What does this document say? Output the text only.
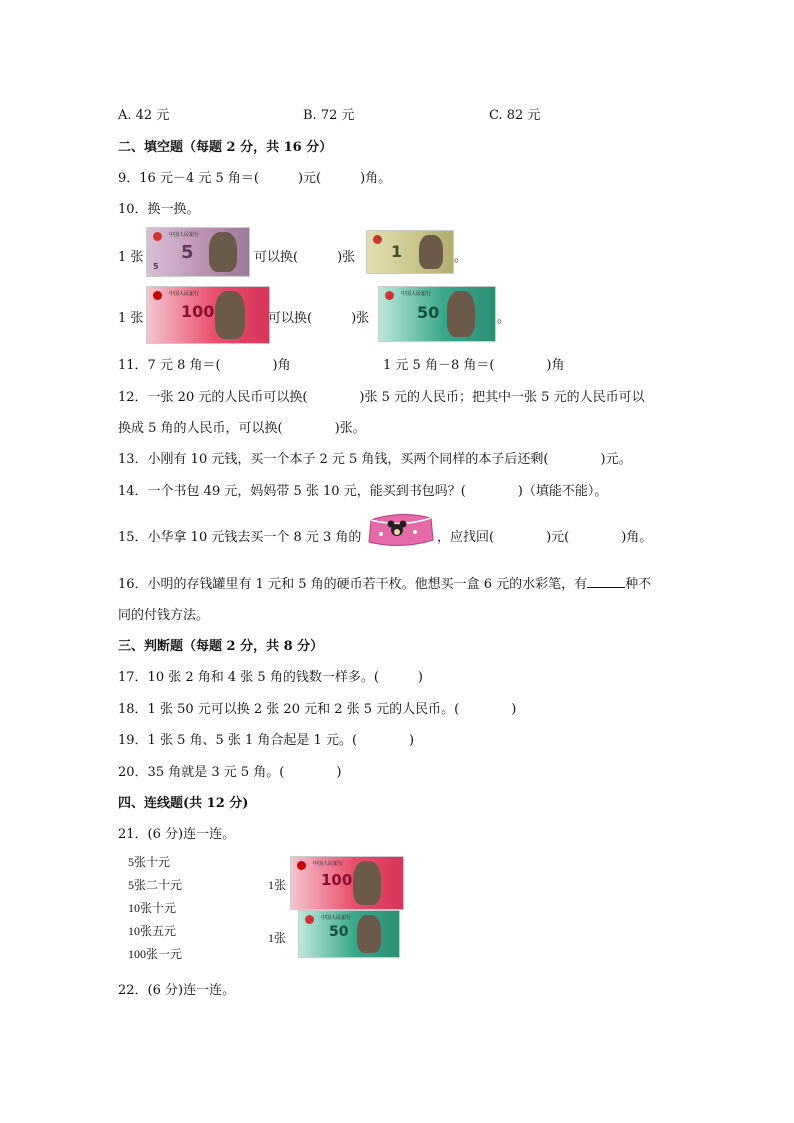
A. 42 元	B. 72 元	C. 82 元
二、填空题（每题 2 分，共 16 分）
9．16 元－4 元 5 角＝(　　　)元(　　　)角。
10．换一换。
1 张
中国人民银行
5
5
可以换(　　　)张 1	。
1 张
中国人民银行
100	可以换(　　　)张
中国人民银行
50	。
11．7 元 8 角＝(　　　　)角	1 元 5 角－8 角＝(　　　　)角
12．一张 20 元的人民币可以换(　　　　)张 5 元的人民币；把其中一张 5 元的人民币可以
换成 5 角的人民币，可以换(　　　　)张。
13．小刚有 10 元钱，买一个本子 2 元 5 角钱，买两个同样的本子后还剩(　　　　)元。
14．一个书包 49 元，妈妈带 5 张 10 元，能买到书包吗？(　　　　)（填能不能）。
15．小华拿 10 元钱去买一个 8 元 3 角的	，应找回(　　　　)元(　　　　)角。
16．小明的存钱罐里有 1 元和 5 角的硬币若干枚。他想买一盒 6 元的水彩笔，有	种不
同的付钱方法。
三、判断题（每题 2 分，共 8 分）
17．10 张 2 角和 4 张 5 角的钱数一样多。(　　　)
18．1 张 50 元可以换 2 张 20 元和 2 张 5 元的人民币。(　　　　)
19．1 张 5 角、5 张 1 角合起是 1 元。(　　　　)
20．35 角就是 3 元 5 角。(　　　　)
四、连线题(共 12 分)
21．(6 分)连一连。
5张十元
5张二十元
10张十元
10张五元
100张一元
1张
中国人民银行
100
1张
中国人民银行
50
22．(6 分)连一连。
